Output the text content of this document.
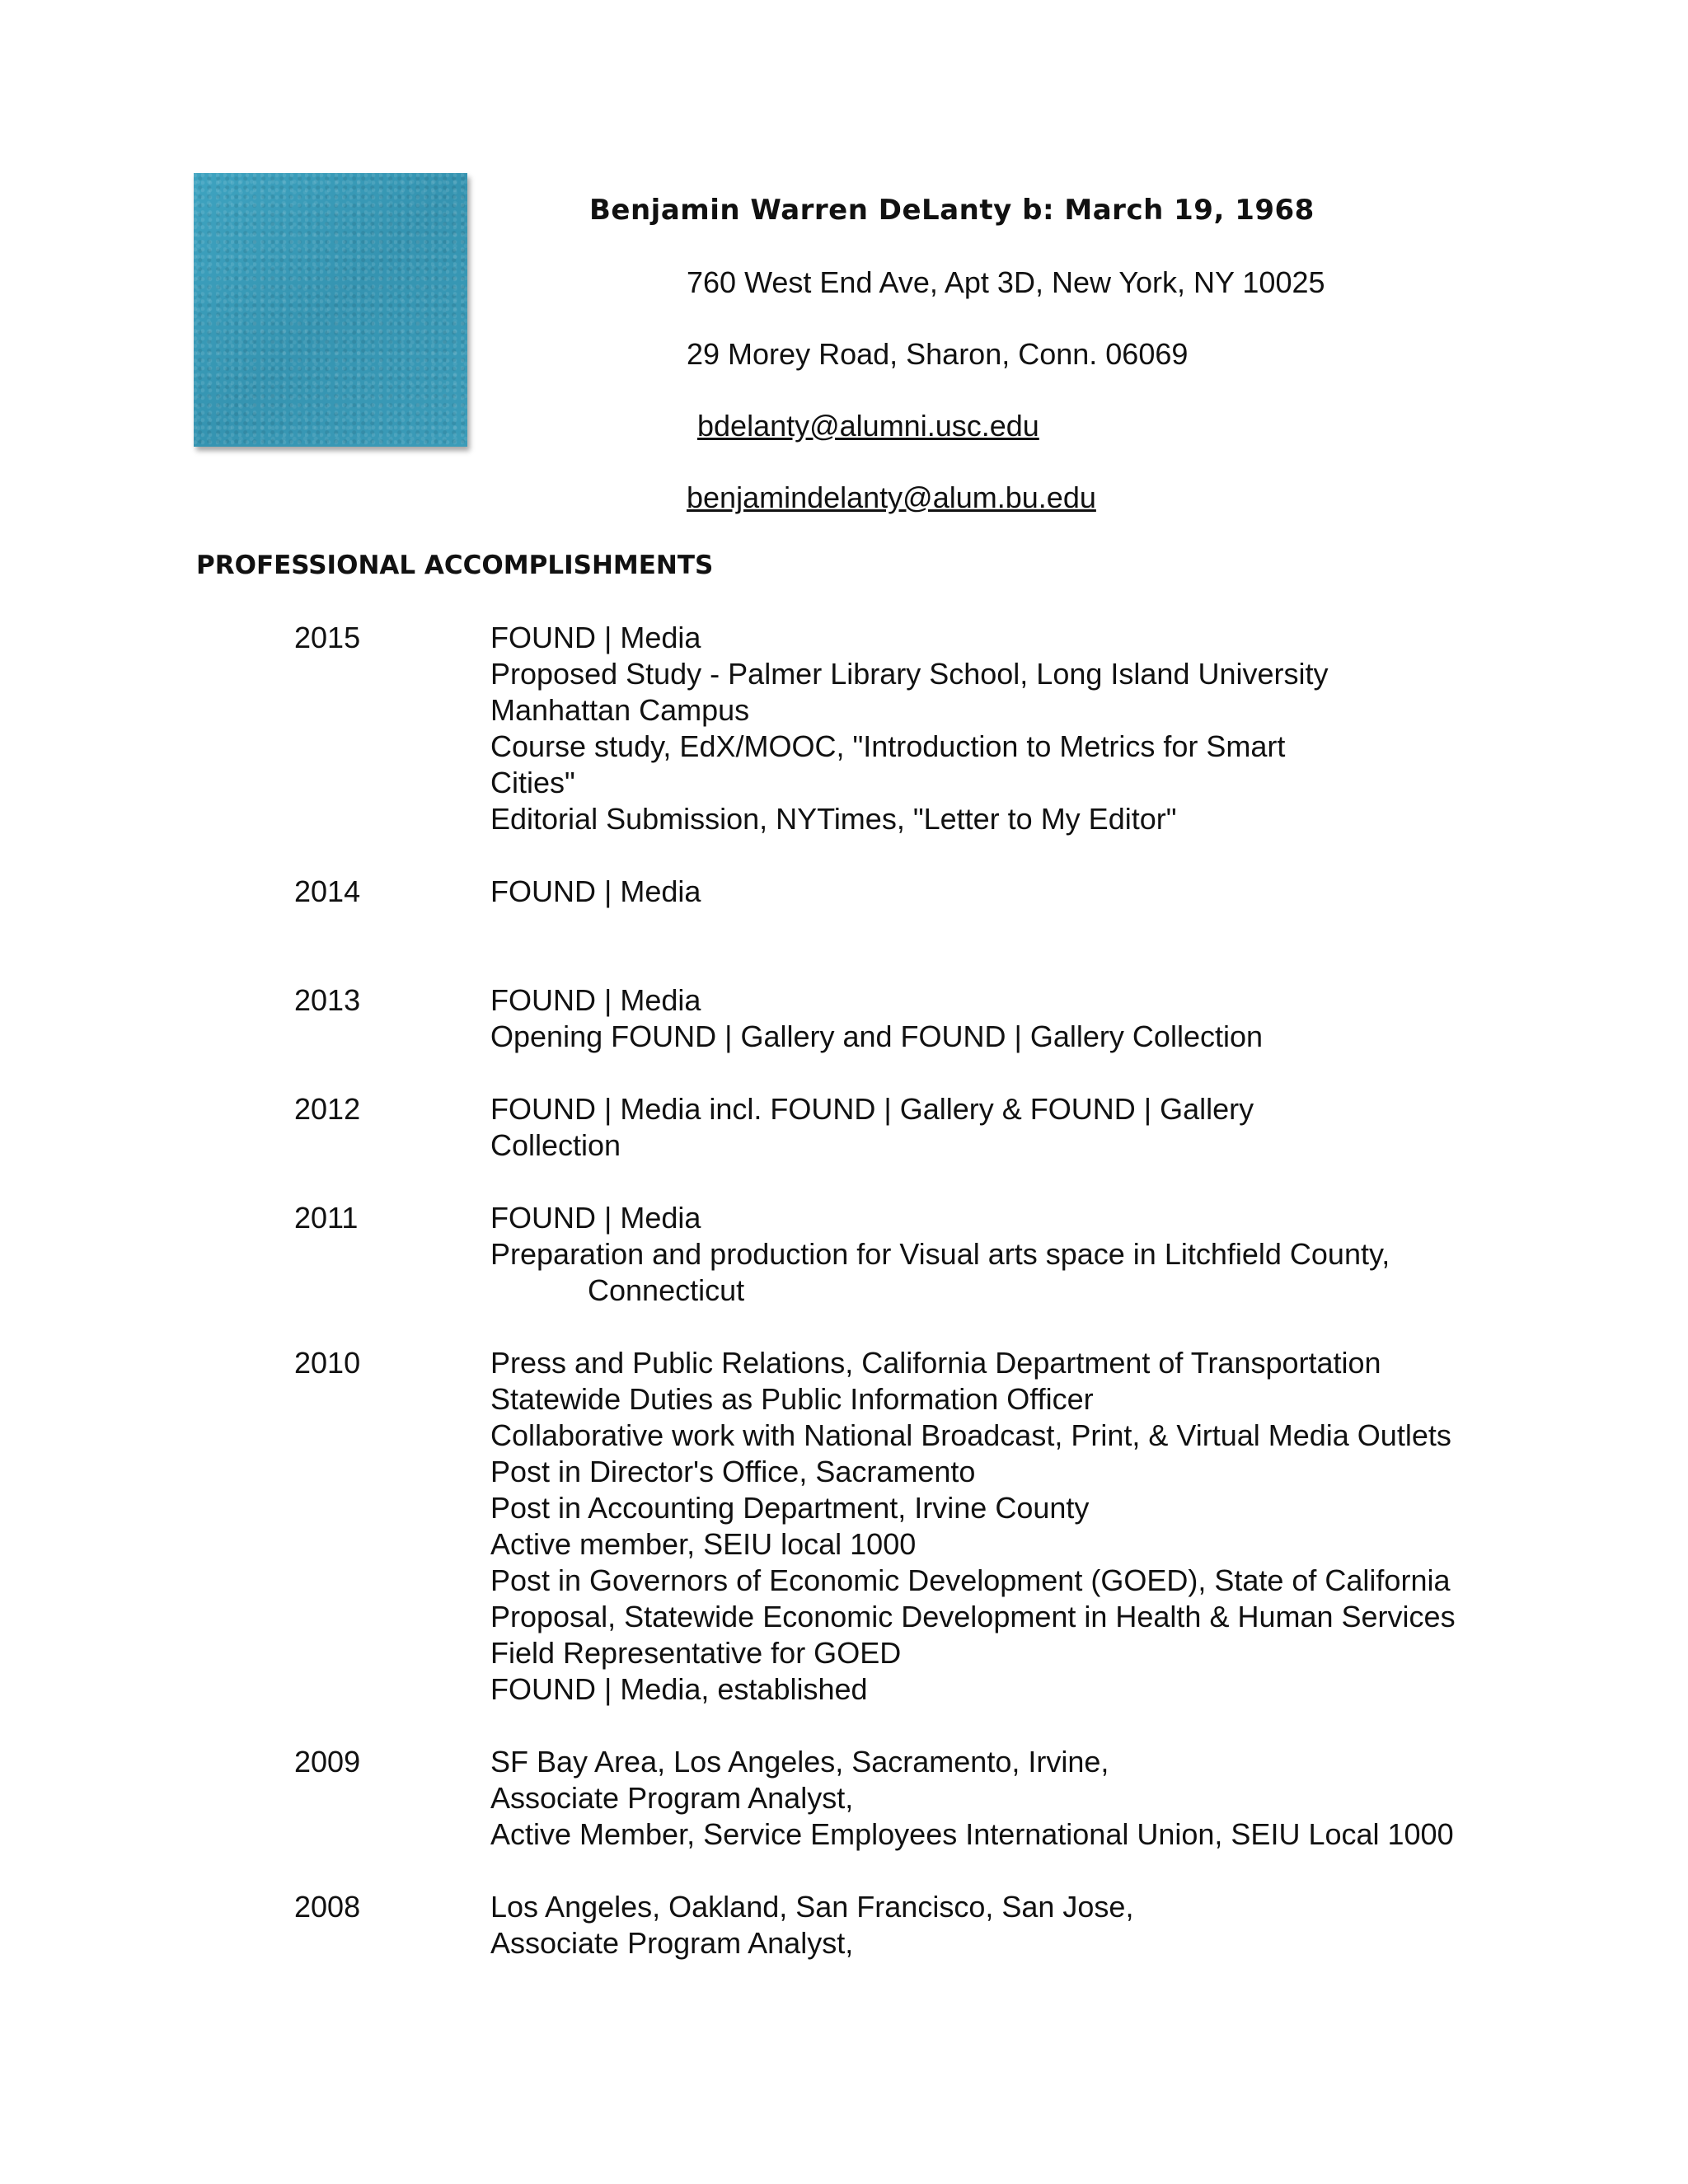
Benjamin Warren DeLanty b: March 19, 1968
760 West End Ave, Apt 3D, New York, NY 10025
29 Morey Road, Sharon, Conn. 06069
bdelanty@alumni.usc.edu
benjamindelanty@alum.bu.edu
PROFESSIONAL ACCOMPLISHMENTS
2015	FOUND | Media
Proposed Study - Palmer Library School, Long Island University
Manhattan Campus
Course study, EdX/MOOC, "Introduction to Metrics for Smart
Cities"
Editorial Submission, NYTimes, "Letter to My Editor"
2014	FOUND | Media
2013	FOUND | Media
Opening FOUND | Gallery and FOUND | Gallery Collection
2012	FOUND | Media incl. FOUND | Gallery & FOUND | Gallery
Collection
2011	FOUND | Media
Preparation and production for Visual arts space in Litchfield County,
Connecticut
2010	Press and Public Relations, California Department of Transportation
Statewide Duties as Public Information Officer
Collaborative work with National Broadcast, Print, & Virtual Media Outlets
Post in Director's Office, Sacramento
Post in Accounting Department, Irvine County
Active member, SEIU local 1000
Post in Governors of Economic Development (GOED), State of California
Proposal, Statewide Economic Development in Health & Human Services
Field Representative for GOED
FOUND | Media, established
2009	SF Bay Area, Los Angeles, Sacramento, Irvine,
Associate Program Analyst,
Active Member, Service Employees International Union, SEIU Local 1000
2008	Los Angeles, Oakland, San Francisco, San Jose,
Associate Program Analyst,
